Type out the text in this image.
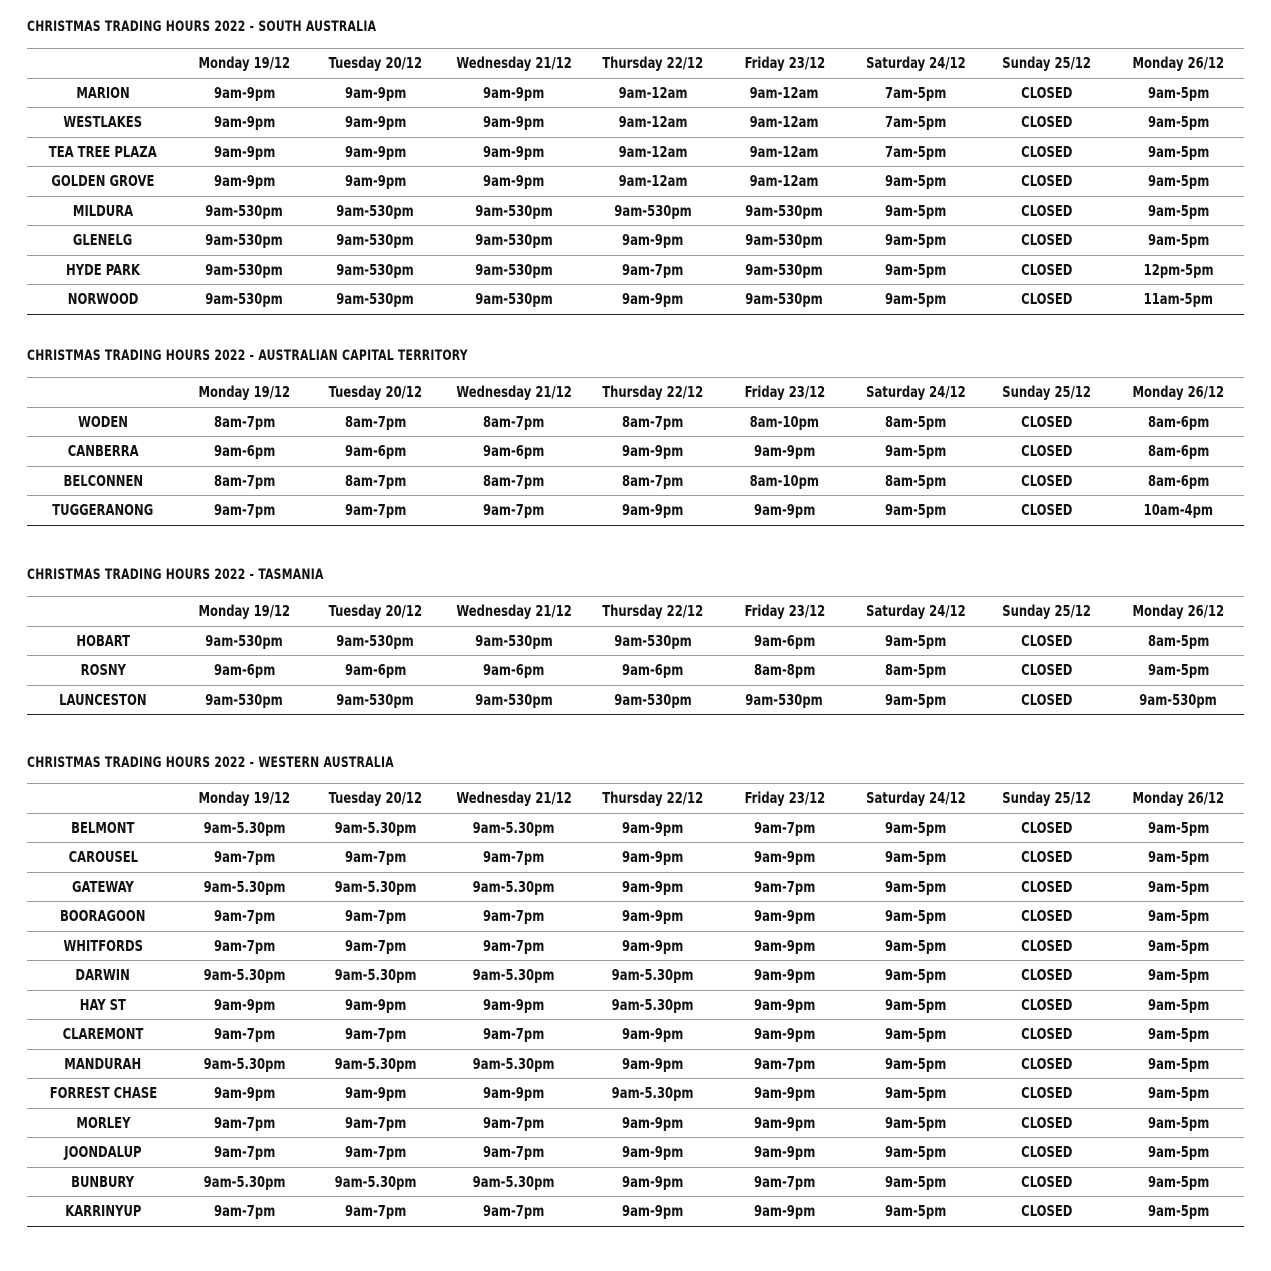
CHRISTMAS TRADING HOURS 2022 - SOUTH AUSTRALIA
	Monday 19/12	Tuesday 20/12	Wednesday 21/12	Thursday 22/12	Friday 23/12	Saturday 24/12	Sunday 25/12	Monday 26/12
MARION	9am-9pm	9am-9pm	9am-9pm	9am-12am	9am-12am	7am-5pm	CLOSED	9am-5pm
WESTLAKES	9am-9pm	9am-9pm	9am-9pm	9am-12am	9am-12am	7am-5pm	CLOSED	9am-5pm
TEA TREE PLAZA	9am-9pm	9am-9pm	9am-9pm	9am-12am	9am-12am	7am-5pm	CLOSED	9am-5pm
GOLDEN GROVE	9am-9pm	9am-9pm	9am-9pm	9am-12am	9am-12am	9am-5pm	CLOSED	9am-5pm
MILDURA	9am-530pm	9am-530pm	9am-530pm	9am-530pm	9am-530pm	9am-5pm	CLOSED	9am-5pm
GLENELG	9am-530pm	9am-530pm	9am-530pm	9am-9pm	9am-530pm	9am-5pm	CLOSED	9am-5pm
HYDE PARK	9am-530pm	9am-530pm	9am-530pm	9am-7pm	9am-530pm	9am-5pm	CLOSED	12pm-5pm
NORWOOD	9am-530pm	9am-530pm	9am-530pm	9am-9pm	9am-530pm	9am-5pm	CLOSED	11am-5pm
CHRISTMAS TRADING HOURS 2022 - AUSTRALIAN CAPITAL TERRITORY
	Monday 19/12	Tuesday 20/12	Wednesday 21/12	Thursday 22/12	Friday 23/12	Saturday 24/12	Sunday 25/12	Monday 26/12
WODEN	8am-7pm	8am-7pm	8am-7pm	8am-7pm	8am-10pm	8am-5pm	CLOSED	8am-6pm
CANBERRA	9am-6pm	9am-6pm	9am-6pm	9am-9pm	9am-9pm	9am-5pm	CLOSED	8am-6pm
BELCONNEN	8am-7pm	8am-7pm	8am-7pm	8am-7pm	8am-10pm	8am-5pm	CLOSED	8am-6pm
TUGGERANONG	9am-7pm	9am-7pm	9am-7pm	9am-9pm	9am-9pm	9am-5pm	CLOSED	10am-4pm
CHRISTMAS TRADING HOURS 2022 - TASMANIA
	Monday 19/12	Tuesday 20/12	Wednesday 21/12	Thursday 22/12	Friday 23/12	Saturday 24/12	Sunday 25/12	Monday 26/12
HOBART	9am-530pm	9am-530pm	9am-530pm	9am-530pm	9am-6pm	9am-5pm	CLOSED	8am-5pm
ROSNY	9am-6pm	9am-6pm	9am-6pm	9am-6pm	8am-8pm	8am-5pm	CLOSED	9am-5pm
LAUNCESTON	9am-530pm	9am-530pm	9am-530pm	9am-530pm	9am-530pm	9am-5pm	CLOSED	9am-530pm
CHRISTMAS TRADING HOURS 2022 - WESTERN AUSTRALIA
	Monday 19/12	Tuesday 20/12	Wednesday 21/12	Thursday 22/12	Friday 23/12	Saturday 24/12	Sunday 25/12	Monday 26/12
BELMONT	9am-5.30pm	9am-5.30pm	9am-5.30pm	9am-9pm	9am-7pm	9am-5pm	CLOSED	9am-5pm
CAROUSEL	9am-7pm	9am-7pm	9am-7pm	9am-9pm	9am-9pm	9am-5pm	CLOSED	9am-5pm
GATEWAY	9am-5.30pm	9am-5.30pm	9am-5.30pm	9am-9pm	9am-7pm	9am-5pm	CLOSED	9am-5pm
BOORAGOON	9am-7pm	9am-7pm	9am-7pm	9am-9pm	9am-9pm	9am-5pm	CLOSED	9am-5pm
WHITFORDS	9am-7pm	9am-7pm	9am-7pm	9am-9pm	9am-9pm	9am-5pm	CLOSED	9am-5pm
DARWIN	9am-5.30pm	9am-5.30pm	9am-5.30pm	9am-5.30pm	9am-9pm	9am-5pm	CLOSED	9am-5pm
HAY ST	9am-9pm	9am-9pm	9am-9pm	9am-5.30pm	9am-9pm	9am-5pm	CLOSED	9am-5pm
CLAREMONT	9am-7pm	9am-7pm	9am-7pm	9am-9pm	9am-9pm	9am-5pm	CLOSED	9am-5pm
MANDURAH	9am-5.30pm	9am-5.30pm	9am-5.30pm	9am-9pm	9am-7pm	9am-5pm	CLOSED	9am-5pm
FORREST CHASE	9am-9pm	9am-9pm	9am-9pm	9am-5.30pm	9am-9pm	9am-5pm	CLOSED	9am-5pm
MORLEY	9am-7pm	9am-7pm	9am-7pm	9am-9pm	9am-9pm	9am-5pm	CLOSED	9am-5pm
JOONDALUP	9am-7pm	9am-7pm	9am-7pm	9am-9pm	9am-9pm	9am-5pm	CLOSED	9am-5pm
BUNBURY	9am-5.30pm	9am-5.30pm	9am-5.30pm	9am-9pm	9am-7pm	9am-5pm	CLOSED	9am-5pm
KARRINYUP	9am-7pm	9am-7pm	9am-7pm	9am-9pm	9am-9pm	9am-5pm	CLOSED	9am-5pm
